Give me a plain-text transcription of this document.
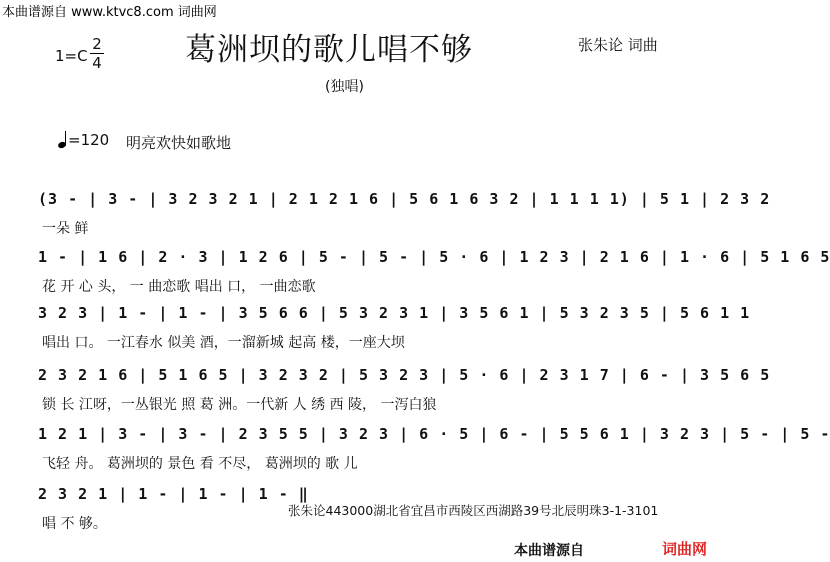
本曲谱源自 www.ktvc8.com 词曲网
1=C
2
4	葛洲坝的歌儿唱不够	张朱论 词曲
(独唱)
=120 明亮欢快如歌地
(3 - | 3 - | 3 2 3 2 1 | 2 1 2 1 6 | 5 6 1 6 3 2 | 1 1 1 1) | 5 1 | 2 3 2
一朵 鲜
1 - | 1 6 | 2 · 3 | 1 2 6 | 5 - | 5 - | 5 · 6 | 1 2 3 | 2 1 6 | 1 · 6 | 5 1 6 5
花 开 心 头， 一 曲恋歌 唱出 口， 一曲恋歌
3 2 3 | 1 - | 1 - | 3 5 6 6 | 5 3 2 3 1 | 3 5 6 1 | 5 3 2 3 5 | 5 6 1 1
唱出 口。 一江春水 似美 酒，一溜新城 起高 楼，一座大坝
2 3 2 1 6 | 5 1 6 5 | 3 2 3 2 | 5 3 2 3 | 5 · 6 | 2 3 1 7 | 6 - | 3 5 6 5
锁 长 江呀，一丛银光 照 葛 洲。一代新 人 绣 西 陵， 一泻白狼
1 2 1 | 3 - | 3 - | 2 3 5 5 | 3 2 3 | 6 · 5 | 6 - | 5 5 6 1 | 3 2 3 | 5 - | 5 -
飞轻 舟。 葛洲坝的 景色 看 不尽， 葛洲坝的 歌 儿
2 3 2 1 | 1 - | 1 - | 1 - ‖
唱 不 够。
张朱论443000湖北省宜昌市西陵区西湖路39号北辰明珠3-1-3101
本曲谱源自	词曲网
